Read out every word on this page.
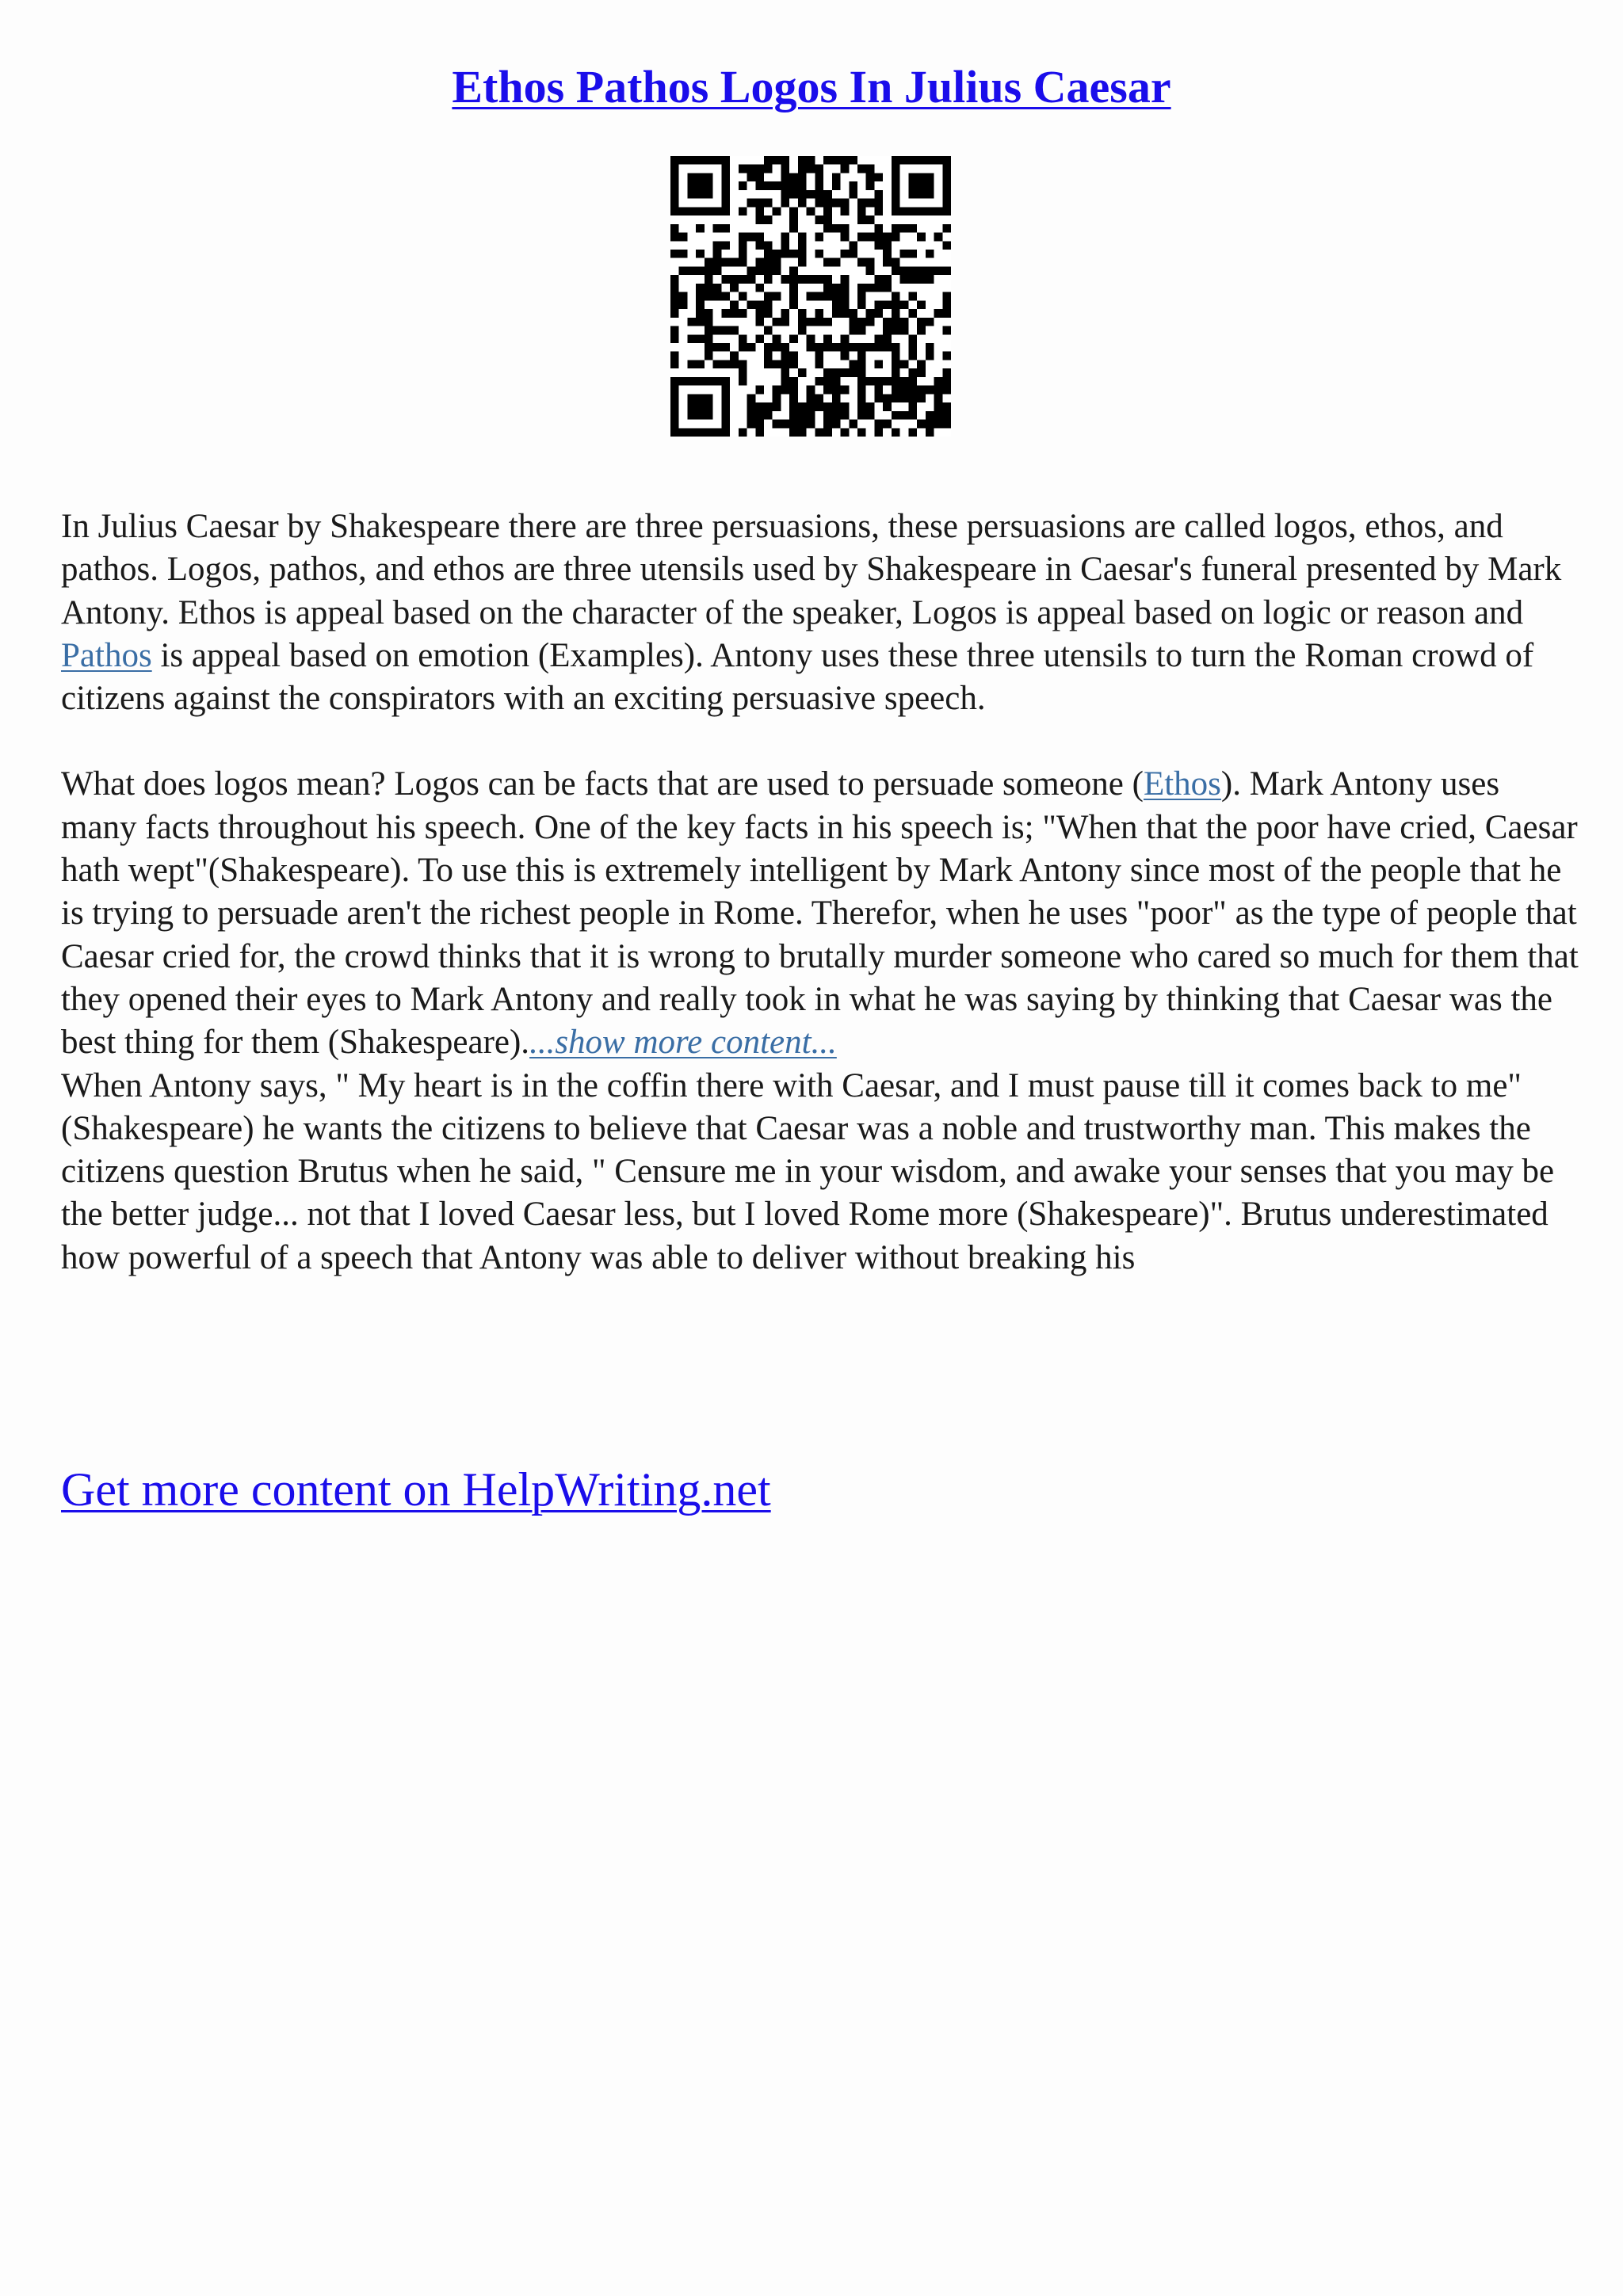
Ethos Pathos Logos In Julius Caesar

In Julius Caesar by Shakespeare there are three persuasions, these persuasions are called logos, ethos, and pathos. Logos, pathos, and ethos are three utensils used by Shakespeare in Caesar's funeral presented by Mark Antony. Ethos is appeal based on the character of the speaker, Logos is appeal based on logic or reason and Pathos is appeal based on emotion (Examples). Antony uses these three utensils to turn the Roman crowd of citizens against the conspirators with an exciting persuasive speech.

What does logos mean? Logos can be facts that are used to persuade someone (Ethos). Mark Antony uses many facts throughout his speech. One of the key facts in his speech is; "When that the poor have cried, Caesar hath wept"(Shakespeare). To use this is extremely intelligent by Mark Antony since most of the people that he is trying to persuade aren't the richest people in Rome. Therefor, when he uses "poor" as the type of people that Caesar cried for, the crowd thinks that it is wrong to brutally murder someone who cared so much for them that they opened their eyes to Mark Antony and really took in what he was saying by thinking that Caesar was the best thing for them (Shakespeare)....show more content...

When Antony says, " My heart is in the coffin there with Caesar, and I must pause till it comes back to me"(Shakespeare) he wants the citizens to believe that Caesar was a noble and trustworthy man. This makes the citizens question Brutus when he said, " Censure me in your wisdom, and awake your senses that you may be the better judge... not that I loved Caesar less, but I loved Rome more (Shakespeare)". Brutus underestimated how powerful of a speech that Antony was able to deliver without breaking his

Get more content on HelpWriting.net
